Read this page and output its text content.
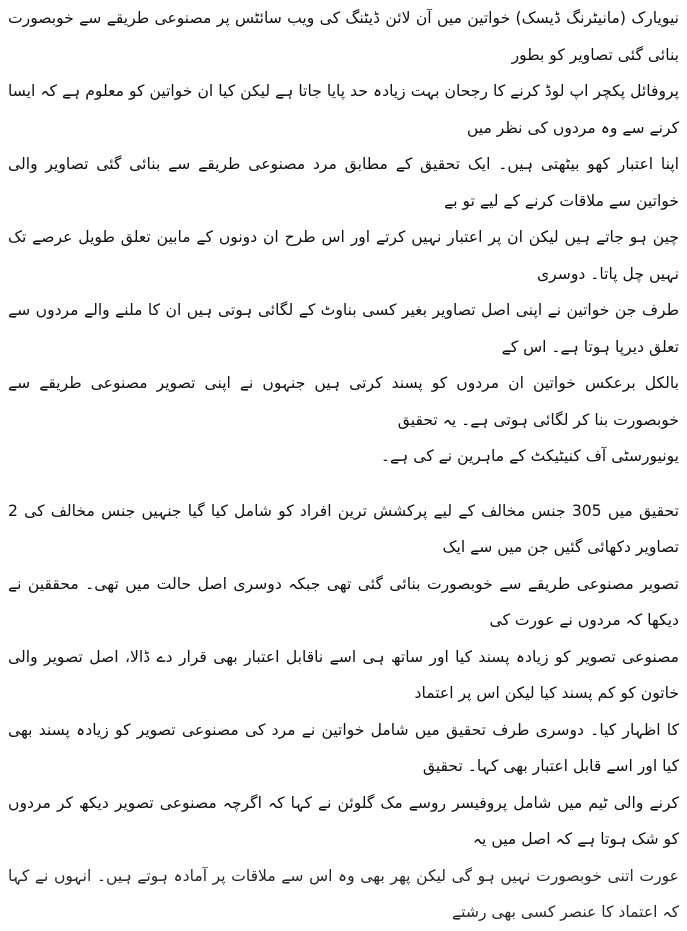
نیویارک (مانیٹرنگ ڈیسک) خواتین میں آن لائن ڈیٹنگ کی ویب سائٹس پر مصنوعی طریقے سے خوبصورت بنائی گئی تصاویر کو بطور
پروفائل پکچر اپ لوڈ کرنے کا رجحان بہت زیادہ حد پایا جاتا ہے لیکن کیا ان خواتین کو معلوم ہے کہ ایسا کرنے سے وہ مردوں کی نظر میں
اپنا اعتبار کھو بیٹھتی ہیں۔ ایک تحقیق کے مطابق مرد مصنوعی طریقے سے بنائی گئی تصاویر والی خواتین سے ملاقات کرنے کے لیے تو بے
چین ہو جاتے ہیں لیکن ان پر اعتبار نہیں کرتے اور اس طرح ان دونوں کے مابین تعلق طویل عرصے تک نہیں چل پاتا۔ دوسری
طرف جن خواتین نے اپنی اصل تصاویر بغیر کسی بناوٹ کے لگائی ہوتی ہیں ان کا ملنے والے مردوں سے تعلق دیرپا ہوتا ہے۔ اس کے
بالکل برعکس خواتین ان مردوں کو پسند کرتی ہیں جنہوں نے اپنی تصویر مصنوعی طریقے سے خوبصورت بنا کر لگائی ہوتی ہے۔ یہ تحقیق
یونیورسٹی آف کنیٹیکٹ کے ماہرین نے کی ہے۔
تحقیق میں 305 جنس مخالف کے لیے پرکشش ترین افراد کو شامل کیا گیا جنہیں جنس مخالف کی 2 تصاویر دکھائی گئیں جن میں سے ایک
تصویر مصنوعی طریقے سے خوبصورت بنائی گئی تھی جبکہ دوسری اصل حالت میں تھی۔ محققین نے دیکھا کہ مردوں نے عورت کی
مصنوعی تصویر کو زیادہ پسند کیا اور ساتھ ہی اسے ناقابل اعتبار بھی قرار دے ڈالا، اصل تصویر والی خاتون کو کم پسند کیا لیکن اس پر اعتماد
کا اظہار کیا۔ دوسری طرف تحقیق میں شامل خواتین نے مرد کی مصنوعی تصویر کو زیادہ پسند بھی کیا اور اسے قابل اعتبار بھی کہا۔ تحقیق
کرنے والی ٹیم میں شامل پروفیسر روسے مک گلوئن نے کہا کہ اگرچہ مصنوعی تصویر دیکھ کر مردوں کو شک ہوتا ہے کہ اصل میں یہ
عورت اتنی خوبصورت نہیں ہو گی لیکن پھر بھی وہ اس سے ملاقات پر آمادہ ہوتے ہیں۔ انہوں نے کہا کہ اعتماد کا عنصر کسی بھی رشتے
